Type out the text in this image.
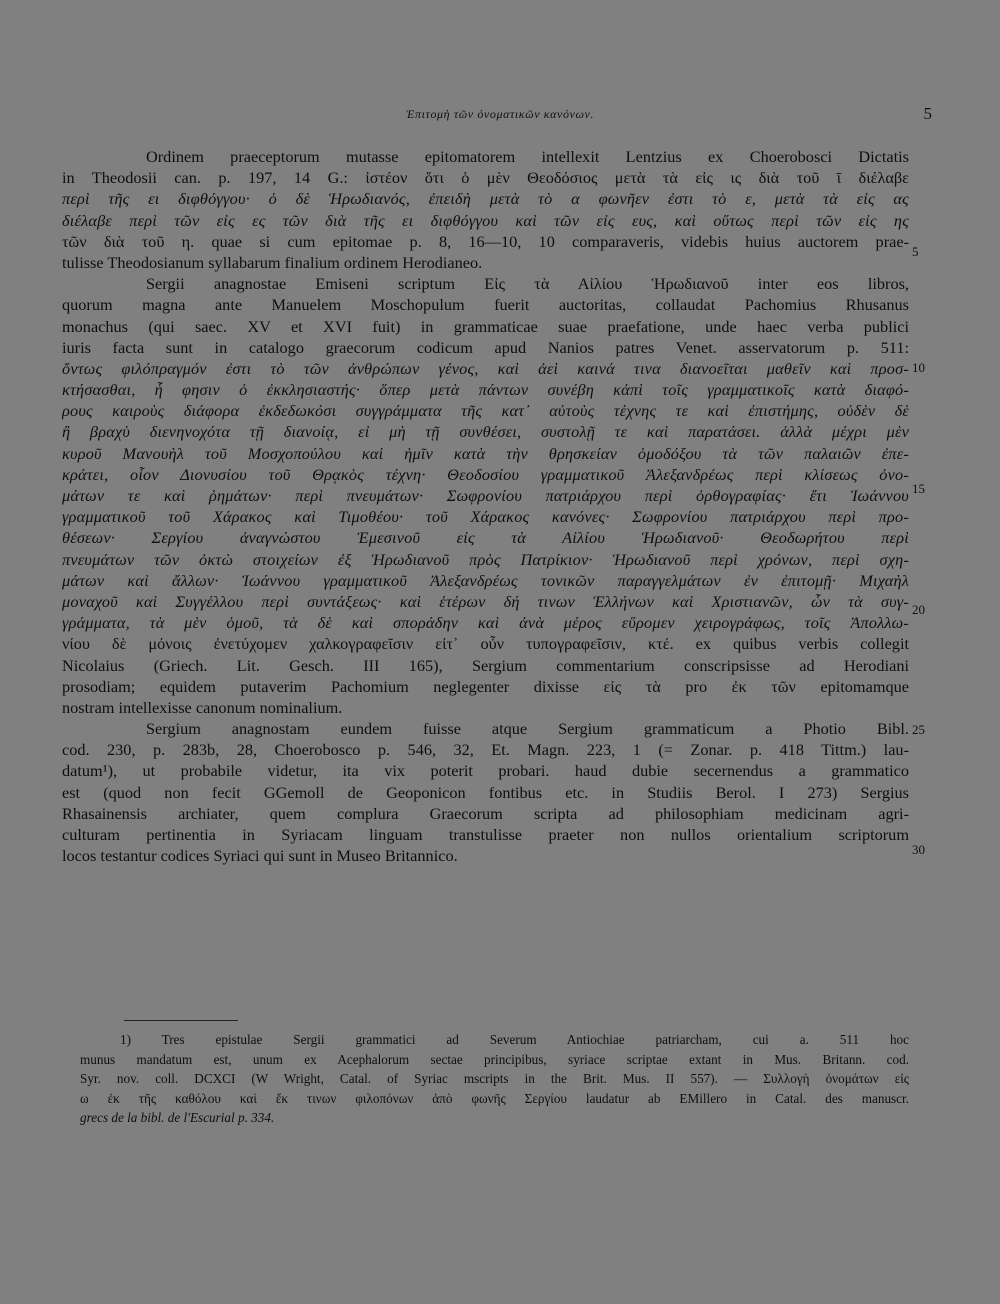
Ἐπιτομὴ τῶν ὀνοματικῶν κανόνων.	5
Ordinem praeceptorum mutasse epitomatorem intellexit Lentzius ex Choerobosci Dictatis
in Theodosii can. p. 197, 14 G.: ἰστέον ὅτι ὁ μὲν Θεοδόσιος μετὰ τὰ εἰς ις διὰ τοῦ ῑ διέλαβε
περὶ τῆς ει διφθόγγου· ὁ δὲ Ἡρωδιανός, ἐπειδὴ μετὰ τὸ α φωνῆεν ἐστι τὸ ε, μετὰ τὰ εἰς ας
διέλαβε περὶ τῶν εἰς ες τῶν διὰ τῆς ει διφθόγγου καὶ τῶν εἰς ευς, καὶ οὕτως περὶ τῶν εἰς ης
τῶν διὰ τοῦ η. quae si cum epitomae p. 8, 16—10, 10 comparaveris, videbis huius auctorem prae-
tulisse Theodosianum syllabarum finalium ordinem Herodianeo.
Sergii anagnostae Emiseni scriptum Εἰς τὰ Αἰλίου Ἡρωδιανοῦ inter eos libros,
quorum magna ante Manuelem Moschopulum fuerit auctoritas, collaudat Pachomius Rhusanus
monachus (qui saec. XV et XVI fuit) in grammaticae suae praefatione, unde haec verba publici
iuris facta sunt in catalogo graecorum codicum apud Nanios patres Venet. asservatorum p. 511:
ὄντως φιλόπραγμόν ἐστι τὸ τῶν ἀνθρώπων γένος, καὶ ἀεὶ καινά τινα διανοεῖται μαθεῖν καὶ προσ-
κτήσασθαι, ἧ φησιν ὁ ἐκκλησιαστής· ὅπερ μετὰ πάντων συνέβη κἀπὶ τοῖς γραμματικοῖς κατὰ διαφό-
ρους καιροὺς διάφορα ἐκδεδωκόσι συγγράμματα τῆς κατ᾽ αὐτοὺς τέχνης τε καὶ ἐπιστήμης, οὐδὲν δὲ
ἢ βραχὺ διενηνοχότα τῇ διανοίᾳ, εἰ μὴ τῇ συνθέσει, συστολῇ τε καὶ παρατάσει. ἀλλὰ μέχρι μὲν
κυροῦ Μανουὴλ τοῦ Μοσχοπούλου καὶ ἡμῖν κατὰ τὴν θρησκείαν ὁμοδόξου τὰ τῶν παλαιῶν ἐπε-
κράτει, οἷον Διονυσίου τοῦ Θρᾳκὸς τέχνη· Θεοδοσίου γραμματικοῦ Ἀλεξανδρέως περὶ κλίσεως ὀνο-
μάτων τε καὶ ῥημάτων· περὶ πνευμάτων· Σωφρονίου πατριάρχου περὶ ὀρθογραφίας· ἔτι Ἰωάννου
γραμματικοῦ τοῦ Χάρακος καὶ Τιμοθέου· τοῦ Χάρακος κανόνες· Σωφρονίου πατριάρχου περὶ προ-
θέσεων· Σεργίου ἀναγνώστου Ἐμεσινοῦ εἰς τὰ Αἰλίου Ἡρωδιανοῦ· Θεοδωρήτου περὶ
πνευμάτων τῶν ὀκτὼ στοιχείων ἐξ Ἡρωδιανοῦ πρὸς Πατρίκιον· Ἡρωδιανοῦ περὶ χρόνων, περὶ σχη-
μάτων καὶ ἄλλων· Ἰωάννου γραμματικοῦ Ἀλεξανδρέως τονικῶν παραγγελμάτων ἐν ἐπιτομῇ· Μιχαὴλ
μοναχοῦ καὶ Συγγέλλου περὶ συντάξεως· καὶ ἑτέρων δή τινων Ἑλλήνων καὶ Χριστιανῶν, ὧν τὰ συγ-
γράμματα, τὰ μὲν ὁμοῦ, τὰ δὲ καὶ σποράδην καὶ ἀνὰ μέρος εὕρομεν χειρογράφως, τοῖς Ἀπολλω-
νίου δὲ μόνοις ἐνετύχομεν χαλκογραφεῖσιν εἰτ᾽ οὖν τυπογραφεῖσιν, κτέ. ex quibus verbis collegit
Nicolaius (Griech. Lit. Gesch. III 165), Sergium commentarium conscripsisse ad Herodiani
prosodiam; equidem putaverim Pachomium neglegenter dixisse εἰς τὰ pro ἐκ τῶν epitomamque
nostram intellexisse canonum nominalium.
Sergium anagnostam eundem fuisse atque Sergium grammaticum a Photio Bibl.
cod. 230, p. 283b, 28, Choerobosco p. 546, 32, Et. Magn. 223, 1 (= Zonar. p. 418 Tittm.) lau-
datum¹), ut probabile videtur, ita vix poterit probari. haud dubie secernendus a grammatico
est (quod non fecit GGemoll de Geoponicon fontibus etc. in Studiis Berol. I 273) Sergius
Rhasainensis archiater, quem complura Graecorum scripta ad philosophiam medicinam agri-
culturam pertinentia in Syriacam linguam transtulisse praeter non nullos orientalium scriptorum
locos testantur codices Syriaci qui sunt in Museo Britannico.
5
10
15
20
25
30
1) Tres epistulae Sergii grammatici ad Severum Antiochiae patriarcham, cui a. 511 hoc
munus mandatum est, unum ex Acephalorum sectae principibus, syriace scriptae extant in Mus. Britann. cod.
Syr. nov. coll. DCXCI (W Wright, Catal. of Syriac mscripts in the Brit. Mus. II 557). — Συλλογὴ ὀνομάτων εἰς
ω ἐκ τῆς καθόλου καὶ ἔκ τινων φιλοπόνων ἀπὸ φωνῆς Σεργίου laudatur ab EMillero in Catal. des manuscr.
grecs de la bibl. de l'Escurial p. 334.
